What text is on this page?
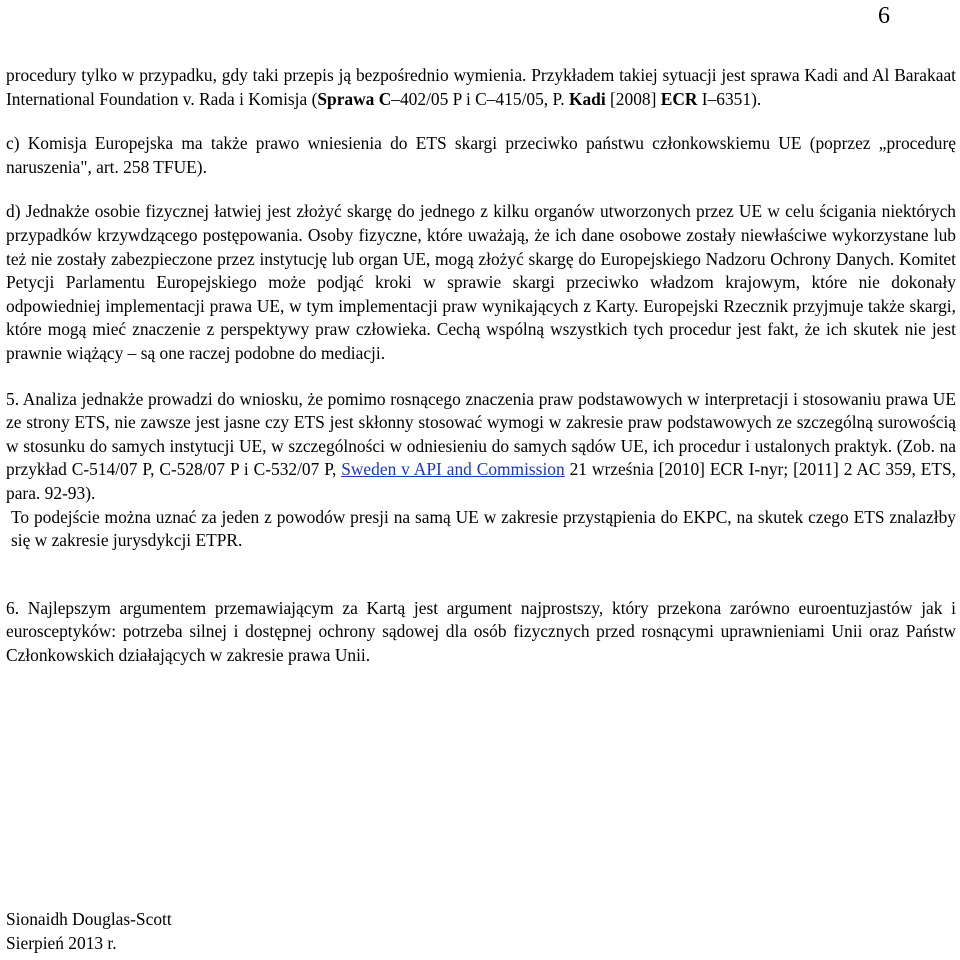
6

procedury tylko w przypadku, gdy taki przepis ją bezpośrednio wymienia. Przykładem takiej sytuacji jest sprawa Kadi and Al Barakaat International Foundation v. Rada i Komisja (Sprawa C–402/05 P i C–415/05, P. Kadi [2008] ECR I–6351).

c) Komisja Europejska ma także prawo wniesienia do ETS skargi przeciwko państwu członkowskiemu UE (poprzez „procedurę naruszenia", art. 258 TFUE).

d) Jednakże osobie fizycznej łatwiej jest złożyć skargę do jednego z kilku organów utworzonych przez UE w celu ścigania niektórych przypadków krzywdzącego postępowania. Osoby fizyczne, które uważają, że ich dane osobowe zostały niewłaściwe wykorzystane lub też nie zostały zabezpieczone przez instytucję lub organ UE, mogą złożyć skargę do Europejskiego Nadzoru Ochrony Danych. Komitet Petycji Parlamentu Europejskiego może podjąć kroki w sprawie skargi przeciwko władzom krajowym, które nie dokonały odpowiedniej implementacji prawa UE, w tym implementacji praw wynikających z Karty. Europejski Rzecznik przyjmuje także skargi, które mogą mieć znaczenie z perspektywy praw człowieka. Cechą wspólną wszystkich tych procedur jest fakt, że ich skutek nie jest prawnie wiążący – są one raczej podobne do mediacji.

5. Analiza jednakże prowadzi do wniosku, że pomimo rosnącego znaczenia praw podstawowych w interpretacji i stosowaniu prawa UE ze strony ETS, nie zawsze jest jasne czy ETS jest skłonny stosować wymogi w zakresie praw podstawowych ze szczególną surowością w stosunku do samych instytucji UE, w szczególności w odniesieniu do samych sądów UE, ich procedur i ustalonych praktyk. (Zob. na przykład C-514/07 P, C-528/07 P i C-532/07 P, Sweden v API and Commission 21 września [2010] ECR I-nyr; [2011] 2 AC 359, ETS, para. 92-93).

To podejście można uznać za jeden z powodów presji na samą UE w zakresie przystąpienia do EKPC, na skutek czego ETS znalazłby się w zakresie jurysdykcji ETPR.

6. Najlepszym argumentem przemawiającym za Kartą jest argument najprostszy, który przekona zarówno euroentuzjastów jak i eurosceptyków: potrzeba silnej i dostępnej ochrony sądowej dla osób fizycznych przed rosnącymi uprawnieniami Unii oraz Państw Członkowskich działających w zakresie prawa Unii.

Sionaidh Douglas-Scott
Sierpień 2013 r.
